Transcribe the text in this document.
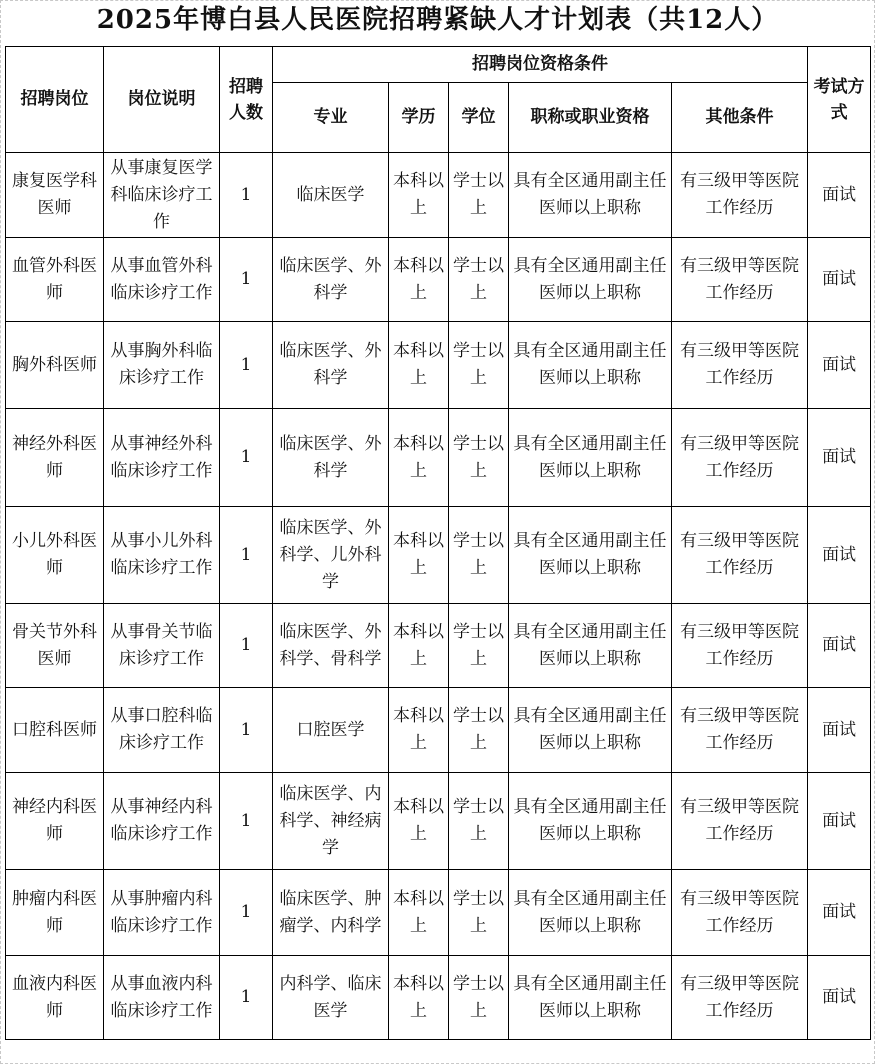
2025年博白县人民医院招聘紧缺人才计划表（共12人）
招聘岗位	岗位说明	招聘人数	招聘岗位资格条件					考试方式
			专业	学历	学位	职称或职业资格	其他条件	
康复医学科医师	从事康复医学科临床诊疗工作	1	临床医学	本科以上	学士以上	具有全区通用副主任医师以上职称	有三级甲等医院工作经历	面试
血管外科医师	从事血管外科临床诊疗工作	1	临床医学、外科学	本科以上	学士以上	具有全区通用副主任医师以上职称	有三级甲等医院工作经历	面试
胸外科医师	从事胸外科临床诊疗工作	1	临床医学、外科学	本科以上	学士以上	具有全区通用副主任医师以上职称	有三级甲等医院工作经历	面试
神经外科医师	从事神经外科临床诊疗工作	1	临床医学、外科学	本科以上	学士以上	具有全区通用副主任医师以上职称	有三级甲等医院工作经历	面试
小儿外科医师	从事小儿外科临床诊疗工作	1	临床医学、外科学、儿外科学	本科以上	学士以上	具有全区通用副主任医师以上职称	有三级甲等医院工作经历	面试
骨关节外科医师	从事骨关节临床诊疗工作	1	临床医学、外科学、骨科学	本科以上	学士以上	具有全区通用副主任医师以上职称	有三级甲等医院工作经历	面试
口腔科医师	从事口腔科临床诊疗工作	1	口腔医学	本科以上	学士以上	具有全区通用副主任医师以上职称	有三级甲等医院工作经历	面试
神经内科医师	从事神经内科临床诊疗工作	1	临床医学、内科学、神经病学	本科以上	学士以上	具有全区通用副主任医师以上职称	有三级甲等医院工作经历	面试
肿瘤内科医师	从事肿瘤内科临床诊疗工作	1	临床医学、肿瘤学、内科学	本科以上	学士以上	具有全区通用副主任医师以上职称	有三级甲等医院工作经历	面试
血液内科医师	从事血液内科临床诊疗工作	1	内科学、临床医学	本科以上	学士以上	具有全区通用副主任医师以上职称	有三级甲等医院工作经历	面试
